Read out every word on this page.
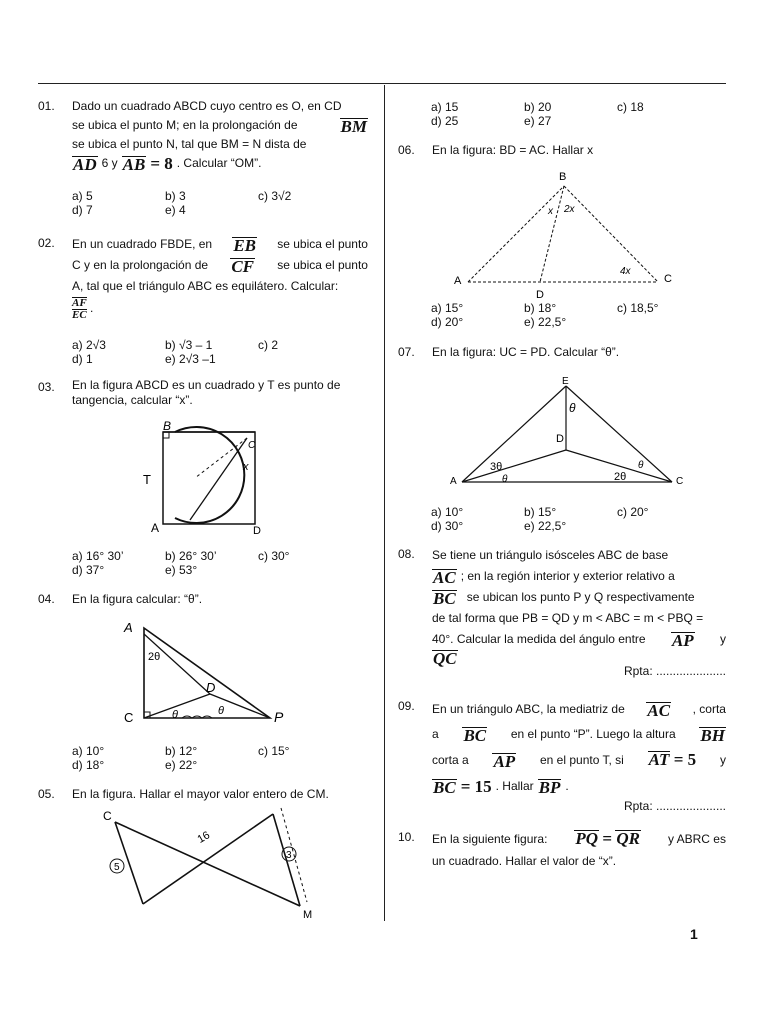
01. Dado un cuadrado ABCD cuyo centro es O, en CD
se ubica el punto M; en la prolongación de	BM
se ubica el punto N, tal que BM = N dista de
AD 6 y AB = 8 . Calcular “OM”.
a) 5	b) 3	c) 3√2
d) 7	e) 4
02. En un cuadrado FBDE, en EB se ubica el punto
C y en la prolongación de CF se ubica el punto
A, tal que el triángulo ABC es equilátero. Calcular:
$\frac{AF}{EC}$ .
a) 2√3	b) √3 – 1	c) 2
d) 1	e) 2√3 –1
03. En la figura ABCD es un cuadrado y T es punto de
tangencia, calcular “x”.
B
C
T
A	D
x
a) 16° 30’	b) 26° 30’	c) 30°
d) 37°	e) 53°
04. En la figura calcular: “θ”.
A
2θ
D
C	θ	θ	P
a) 10°	b) 12°	c) 15°
d) 18°	e) 22°
05. En la figura. Hallar el mayor valor entero de CM.
C
16
5
3
M
a) 15	b) 20	c) 18
d) 25	e) 27
06. En la figura: BD = AC. Hallar x
B
x 2x
4x
A	C
D
a) 15°	b) 18°	c) 18,5°
d) 20°	e) 22,5°
07. En la figura: UC = PD. Calcular “θ”.
E
θ
D
3θ
θ	2θ
θ
A	C
a) 10°	b) 15°	c) 20°
d) 30°	e) 22,5°
08. Se tiene un triángulo isósceles ABC de base
AC ; en la región interior y exterior relativo a
BC se ubican los punto P y Q respectivamente
de tal forma que PB = QD y m < ABC = m < PBQ =
40°. Calcular la medida del ángulo entre AP y
QC
Rpta: .....................
09. En un triángulo ABC, la mediatriz de AC , corta
a BC en el punto “P”. Luego la altura BH
corta a AP en el punto T, si AT = 5 y
BC = 15 . Hallar BP .
Rpta: .....................
10. En la siguiente figura: PQ = QR y ABRC es
un cuadrado. Hallar el valor de “x”.
1
